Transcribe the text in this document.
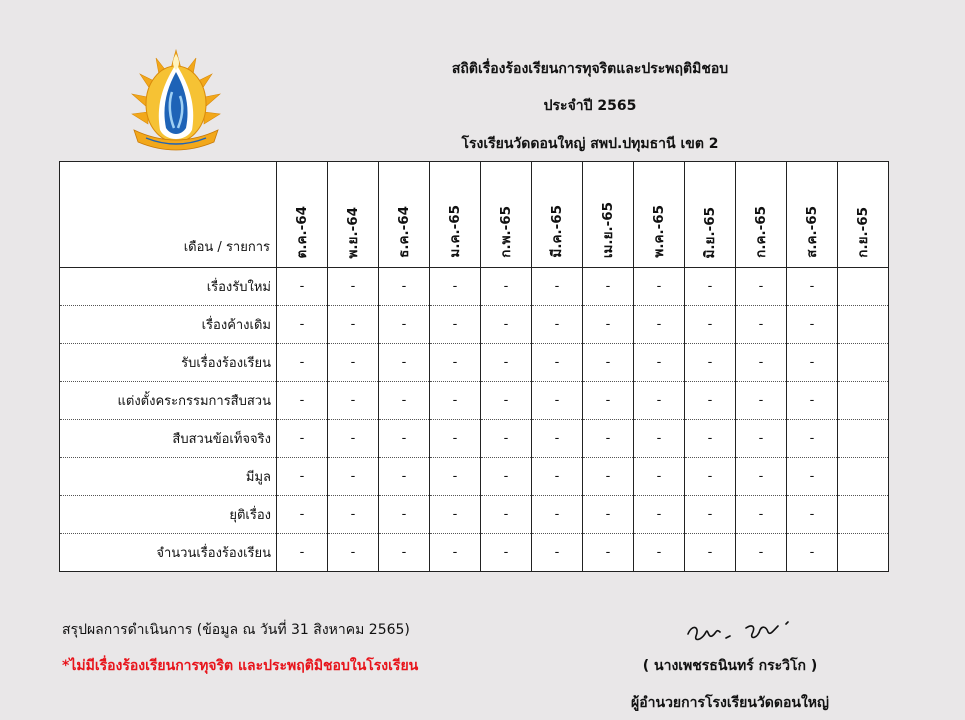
สถิติเรื่องร้องเรียนการทุจริตและประพฤติมิชอบ
ประจำปี 2565
โรงเรียนวัดดอนใหญ่ สพป.ปทุมธานี เขต 2
เดือน / รายการ	ต.ค.-64	พ.ย.-64	ธ.ค.-64	ม.ค.-65	ก.พ.-65	มี.ค.-65	เม.ย.-65	พ.ค.-65	มิ.ย.-65	ก.ค.-65	ส.ค.-65	ก.ย.-65
เรื่องรับใหม่	-	-	-	-	-	-	-	-	-	-	-	
เรื่องค้างเดิม	-	-	-	-	-	-	-	-	-	-	-	
รับเรื่องร้องเรียน	-	-	-	-	-	-	-	-	-	-	-	
แต่งตั้งคระกรรมการสืบสวน	-	-	-	-	-	-	-	-	-	-	-	
สืบสวนข้อเท็จจริง	-	-	-	-	-	-	-	-	-	-	-	
มีมูล	-	-	-	-	-	-	-	-	-	-	-	
ยุติเรื่อง	-	-	-	-	-	-	-	-	-	-	-	
จำนวนเรื่องร้องเรียน	-	-	-	-	-	-	-	-	-	-	-	
สรุปผลการดำเนินการ (ข้อมูล ณ วันที่ 31 สิงหาคม 2565)
*ไม่มีเรื่องร้องเรียนการทุจริต และประพฤติมิชอบในโรงเรียน	( นางเพชรธนินทร์ กระวิโก )
ผู้อำนวยการโรงเรียนวัดดอนใหญ่
